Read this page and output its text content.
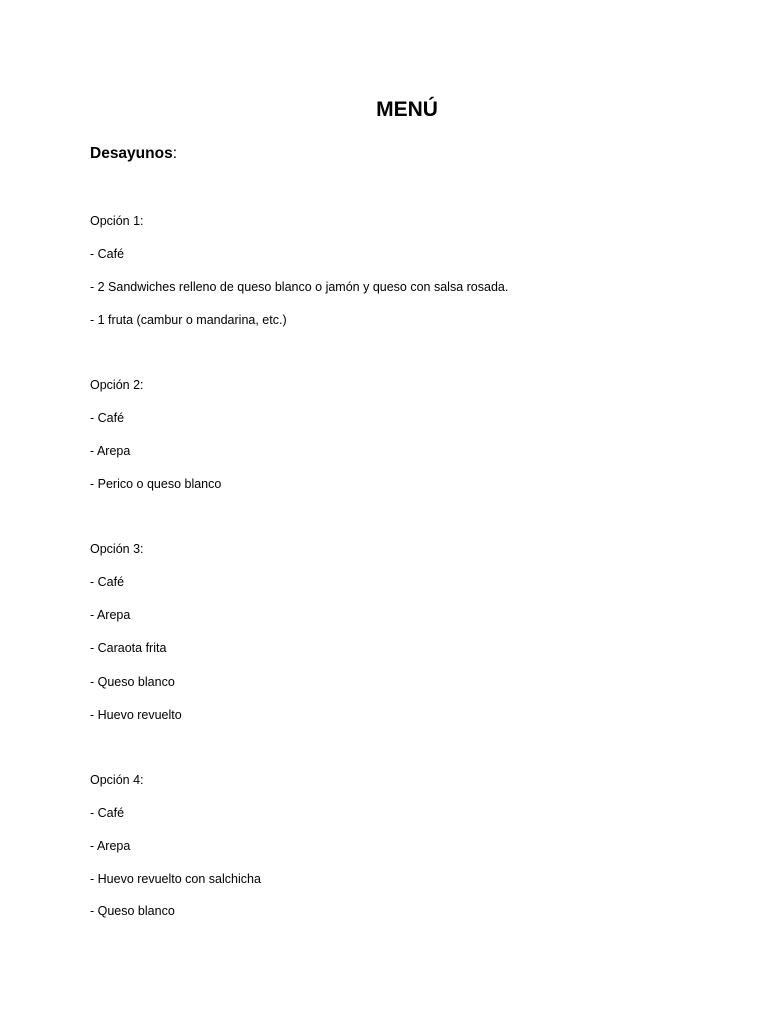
MENÚ
Desayunos:
Opción 1:
- Café
- 2 Sandwiches relleno de queso blanco o jamón y queso con salsa rosada.
- 1 fruta (cambur o mandarina, etc.)
Opción 2:
- Café
- Arepa
- Perico o queso blanco
Opción 3:
- Café
- Arepa
- Caraota frita
- Queso blanco
- Huevo revuelto
Opción 4:
- Café
- Arepa
- Huevo revuelto con salchicha
- Queso blanco
